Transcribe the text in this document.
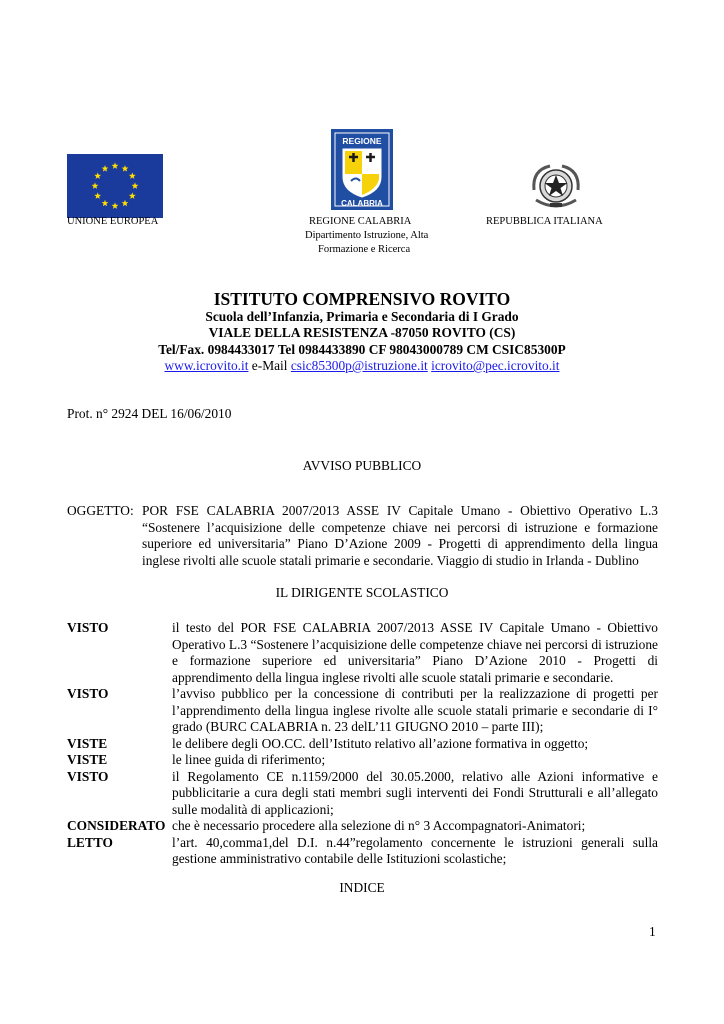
UNIONE EUROPEA
REGIONE
CALABRIA
REGIONE CALABRIA
Dipartimento Istruzione, Alta
Formazione e Ricerca
REPUBBLICA ITALIANA
ISTITUTO COMPRENSIVO ROVITO
Scuola dell’Infanzia, Primaria e Secondaria di I Grado
VIALE DELLA RESISTENZA -87050 ROVITO (CS)
Tel/Fax. 0984433017 Tel 0984433890 CF 98043000789 CM CSIC85300P
www.icrovito.it e-Mail csic85300p@istruzione.it icrovito@pec.icrovito.it
Prot. n° 2924 DEL 16/06/2010
AVVISO PUBBLICO
OGGETTO: POR FSE CALABRIA 2007/2013 ASSE IV Capitale Umano - Obiettivo Operativo L.3 “Sostenere l’acquisizione delle competenze chiave nei percorsi di istruzione e formazione superiore ed universitaria” Piano D’Azione 2009 - Progetti di apprendimento della lingua inglese rivolti alle scuole statali primarie e secondarie. Viaggio di studio in Irlanda - Dublino
IL DIRIGENTE SCOLASTICO
VISTO	il testo del POR FSE CALABRIA 2007/2013 ASSE IV Capitale Umano - Obiettivo Operativo L.3 “Sostenere l’acquisizione delle competenze chiave nei percorsi di istruzione e formazione superiore ed universitaria” Piano D’Azione 2010 - Progetti di apprendimento della lingua inglese rivolti alle scuole statali primarie e secondarie.
VISTO	l’avviso pubblico per la concessione di contributi per la realizzazione di progetti per l’apprendimento della lingua inglese rivolte alle scuole statali primarie e secondarie di I° grado (BURC CALABRIA n. 23 delL’11 GIUGNO 2010 – parte III);
VISTE	le delibere degli OO.CC. dell’Istituto relativo all’azione formativa in oggetto;
VISTE	le linee guida di riferimento;
VISTO	il Regolamento CE n.1159/2000 del 30.05.2000, relativo alle Azioni informative e pubblicitarie a cura degli stati membri sugli interventi dei Fondi Strutturali e all’allegato sulle modalità di applicazioni;
CONSIDERATO che è necessario procedere alla selezione di n° 3 Accompagnatori-Animatori;
LETTO	l’art. 40,comma1,del D.I. n.44”regolamento concernente le istruzioni generali sulla gestione amministrativo contabile delle Istituzioni scolastiche;
INDICE
1
